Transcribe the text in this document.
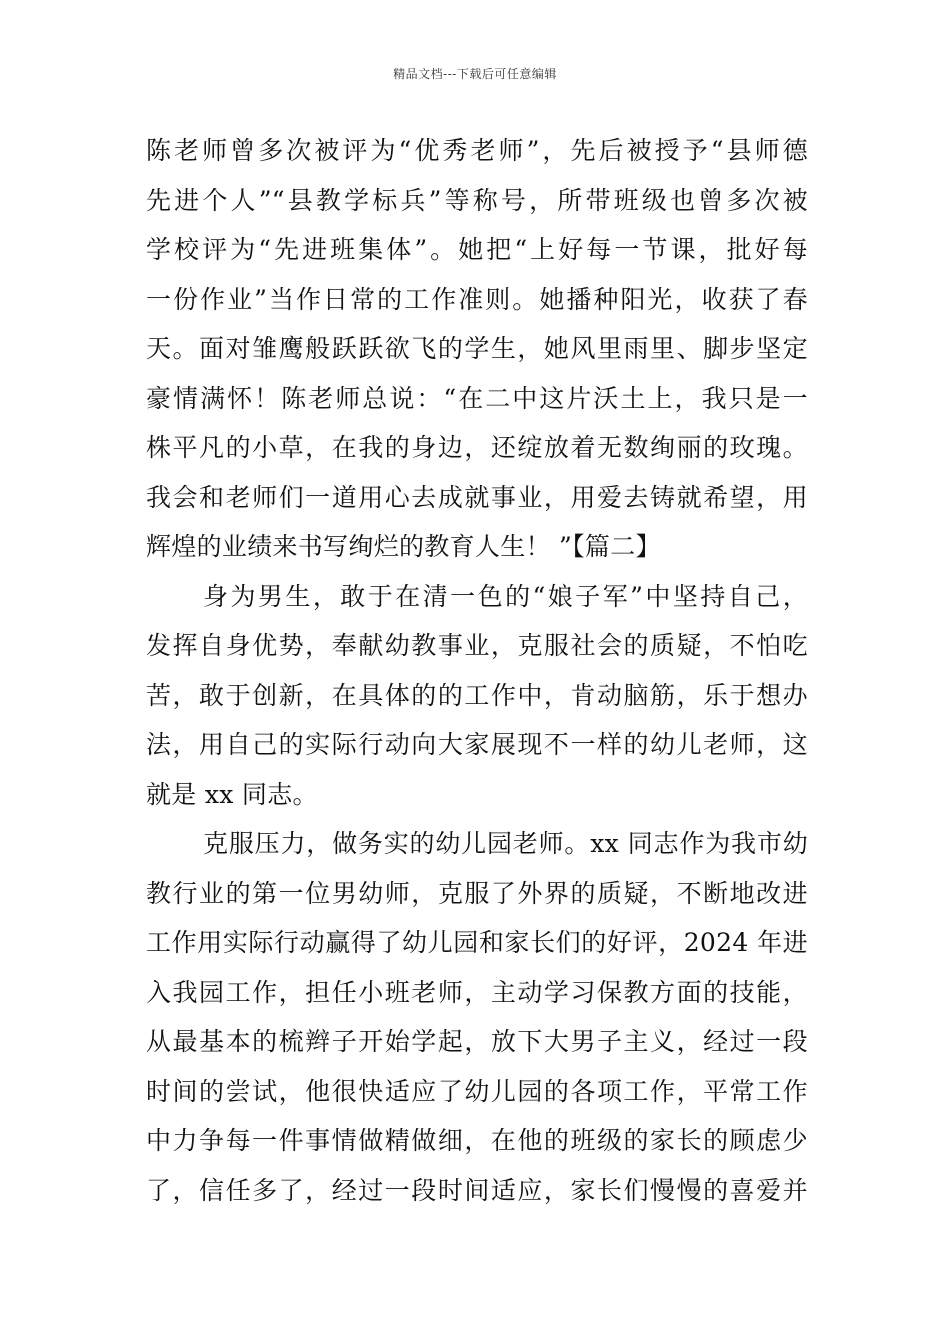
精品文档---下载后可任意编辑
陈老师曾多次被评为“优秀老师”，先后被授予“县师德
先进个人”“县教学标兵”等称号，所带班级也曾多次被
学校评为“先进班集体”。她把“上好每一节课，批好每
一份作业”当作日常的工作准则。她播种阳光，收获了春
天。面对雏鹰般跃跃欲飞的学生，她风里雨里、脚步坚定
豪情满怀！陈老师总说：“在二中这片沃土上，我只是一
株平凡的小草，在我的身边，还绽放着无数绚丽的玫瑰。
我会和老师们一道用心去成就事业，用爱去铸就希望，用
辉煌的业绩来书写绚烂的教育人生！ ”【篇二】
身为男生，敢于在清一色的“娘子军”中坚持自己，
发挥自身优势，奉献幼教事业，克服社会的质疑，不怕吃
苦，敢于创新，在具体的的工作中，肯动脑筋，乐于想办
法，用自己的实际行动向大家展现不一样的幼儿老师，这
就是 xx 同志。
克服压力，做务实的幼儿园老师。xx 同志作为我市幼
教行业的第一位男幼师，克服了外界的质疑，不断地改进
工作用实际行动赢得了幼儿园和家长们的好评，2024 年进
入我园工作，担任小班老师，主动学习保教方面的技能，
从最基本的梳辫子开始学起，放下大男子主义，经过一段
时间的尝试，他很快适应了幼儿园的各项工作，平常工作
中力争每一件事情做精做细，在他的班级的家长的顾虑少
了，信任多了，经过一段时间适应，家长们慢慢的喜爱并
